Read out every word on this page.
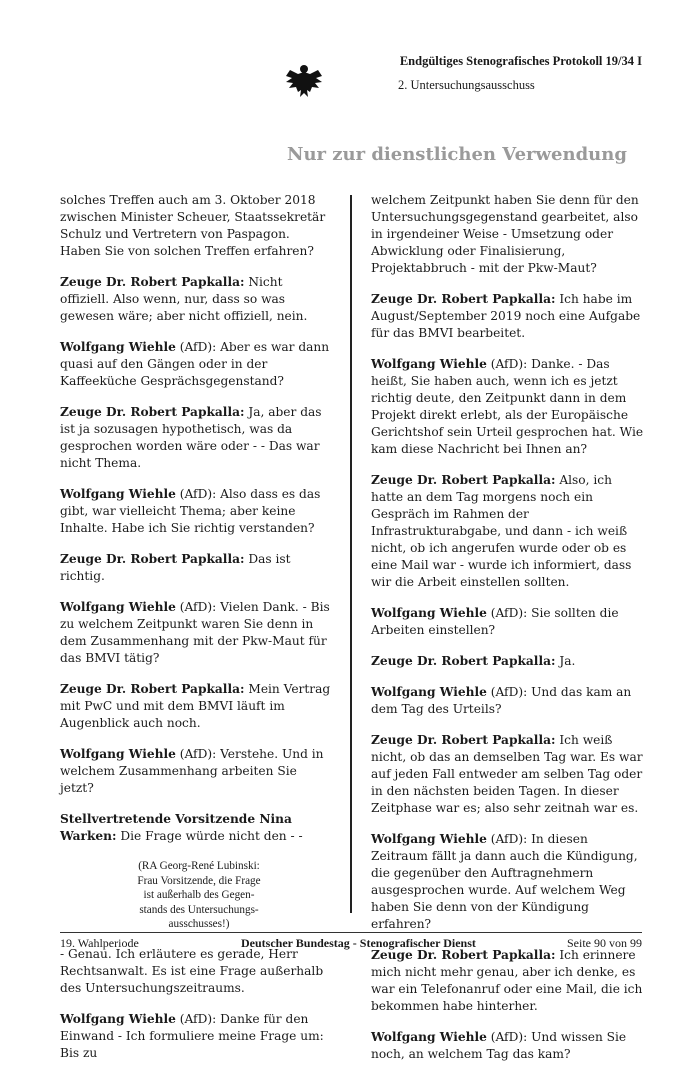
Endgültiges Stenografisches Protokoll 19/34 I
2. Untersuchungsausschuss
Nur zur dienstlichen Verwendung

solches Treffen auch am 3. Oktober 2018 zwischen Minister Scheuer, Staatssekretär Schulz und Vertretern von Paspagon. Haben Sie von solchen Treffen erfahren?

Zeuge Dr. Robert Papkalla: Nicht offiziell. Also wenn, nur, dass so was gewesen wäre; aber nicht offiziell, nein.

Wolfgang Wiehle (AfD): Aber es war dann quasi auf den Gängen oder in der Kaffeeküche Gesprächsgegenstand?

Zeuge Dr. Robert Papkalla: Ja, aber das ist ja sozusagen hypothetisch, was da gesprochen worden wäre oder - - Das war nicht Thema.

Wolfgang Wiehle (AfD): Also dass es das gibt, war vielleicht Thema; aber keine Inhalte. Habe ich Sie richtig verstanden?

Zeuge Dr. Robert Papkalla: Das ist richtig.

Wolfgang Wiehle (AfD): Vielen Dank. - Bis zu welchem Zeitpunkt waren Sie denn in dem Zusammenhang mit der Pkw-Maut für das BMVI tätig?

Zeuge Dr. Robert Papkalla: Mein Vertrag mit PwC und mit dem BMVI läuft im Augenblick auch noch.

Wolfgang Wiehle (AfD): Verstehe. Und in welchem Zusammenhang arbeiten Sie jetzt?

Stellvertretende Vorsitzende Nina Warken: Die Frage würde nicht den - -

(RA Georg-René Lubinski:
Frau Vorsitzende, die Frage
ist außerhalb des Gegen-
stands des Untersuchungs-
ausschusses!)

- Genau. Ich erläutere es gerade, Herr Rechtsanwalt. Es ist eine Frage außerhalb des Untersuchungszeitraums.

Wolfgang Wiehle (AfD): Danke für den Einwand - Ich formuliere meine Frage um: Bis zu

welchem Zeitpunkt haben Sie denn für den Untersuchungsgegenstand gearbeitet, also in irgendeiner Weise - Umsetzung oder Abwicklung oder Finalisierung, Projektabbruch - mit der Pkw-Maut?

Zeuge Dr. Robert Papkalla: Ich habe im August/September 2019 noch eine Aufgabe für das BMVI bearbeitet.

Wolfgang Wiehle (AfD): Danke. - Das heißt, Sie haben auch, wenn ich es jetzt richtig deute, den Zeitpunkt dann in dem Projekt direkt erlebt, als der Europäische Gerichtshof sein Urteil gesprochen hat. Wie kam diese Nachricht bei Ihnen an?

Zeuge Dr. Robert Papkalla: Also, ich hatte an dem Tag morgens noch ein Gespräch im Rahmen der Infrastrukturabgabe, und dann - ich weiß nicht, ob ich angerufen wurde oder ob es eine Mail war - wurde ich informiert, dass wir die Arbeit einstellen sollten.

Wolfgang Wiehle (AfD): Sie sollten die Arbeiten einstellen?

Zeuge Dr. Robert Papkalla: Ja.

Wolfgang Wiehle (AfD): Und das kam an dem Tag des Urteils?

Zeuge Dr. Robert Papkalla: Ich weiß nicht, ob das an demselben Tag war. Es war auf jeden Fall entweder am selben Tag oder in den nächsten beiden Tagen. In dieser Zeitphase war es; also sehr zeitnah war es.

Wolfgang Wiehle (AfD): In diesen Zeitraum fällt ja dann auch die Kündigung, die gegenüber den Auftragnehmern ausgesprochen wurde. Auf welchem Weg haben Sie denn von der Kündigung erfahren?

Zeuge Dr. Robert Papkalla: Ich erinnere mich nicht mehr genau, aber ich denke, es war ein Telefonanruf oder eine Mail, die ich bekommen habe hinterher.

Wolfgang Wiehle (AfD): Und wissen Sie noch, an welchem Tag das kam?

19. Wahlperiode	Deutscher Bundestag - Stenografischer Dienst	Seite 90 von 99
